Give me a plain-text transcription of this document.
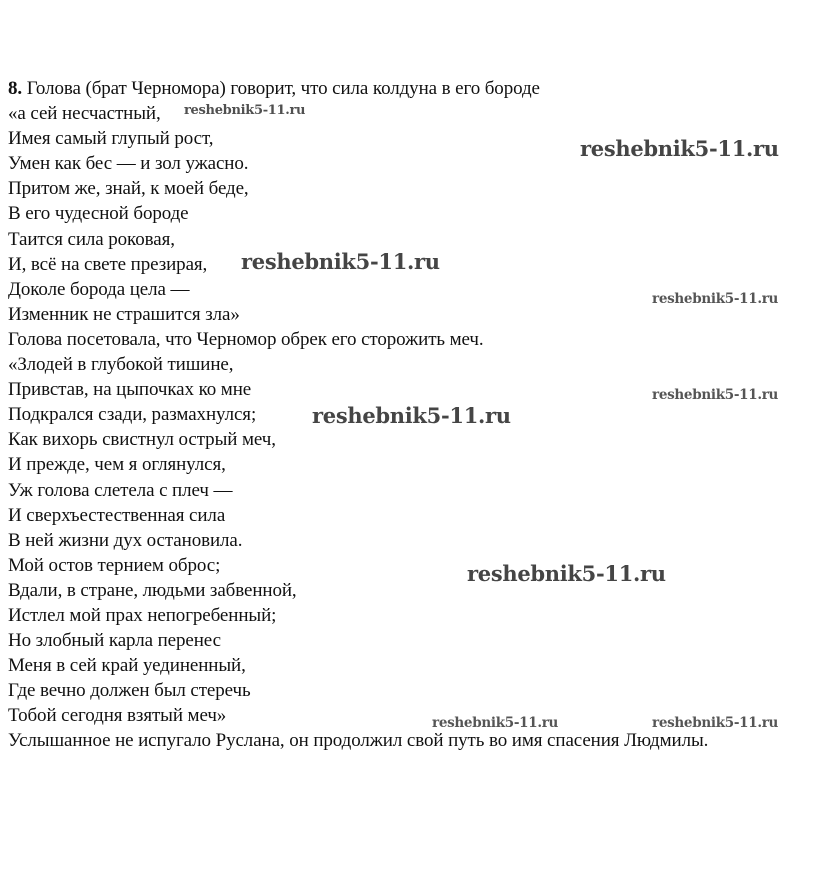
8. Голова (брат Черномора) говорит, что сила колдуна в его бороде
«а сей несчастный,
Имея самый глупый рост,
Умен как бес — и зол ужасно.
Притом же, знай, к моей беде,
В его чудесной бороде
Таится сила роковая,
И, всё на свете презирая,
Доколе борода цела —
Изменник не страшится зла»
Голова посетовала, что Черномор обрек его сторожить меч.
«Злодей в глубокой тишине,
Привстав, на цыпочках ко мне
Подкрался сзади, размахнулся;
Как вихорь свистнул острый меч,
И прежде, чем я оглянулся,
Уж голова слетела с плеч —
И сверхъестественная сила
В ней жизни дух остановила.
Мой остов тернием оброс;
Вдали, в стране, людьми забвенной,
Истлел мой прах непогребенный;
Но злобный карла перенес
Меня в сей край уединенный,
Где вечно должен был стеречь
Тобой сегодня взятый меч»
Услышанное не испугало Руслана, он продолжил свой путь во имя спасения Людмилы.
reshebnik5-11.ru
reshebnik5-11.ru
reshebnik5-11.ru
reshebnik5-11.ru
reshebnik5-11.ru
reshebnik5-11.ru
reshebnik5-11.ru
reshebnik5-11.ru	reshebnik5-11.ru
